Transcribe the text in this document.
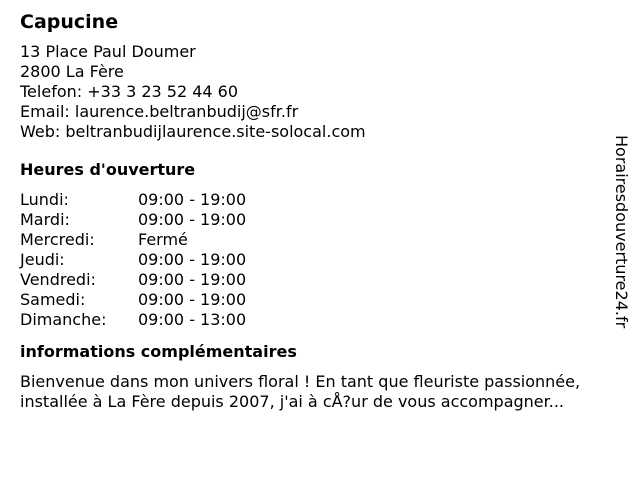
Capucine
13 Place Paul Doumer
2800 La Fère
Telefon: +33 3 23 52 44 60
Email: laurence.beltranbudij@sfr.fr
Web: beltranbudijlaurence.site-solocal.com
Heures d'ouverture
Lundi:	09:00 - 19:00
Mardi:	09:00 - 19:00
Mercredi:	Fermé
Jeudi:	09:00 - 19:00
Vendredi:	09:00 - 19:00
Samedi:	09:00 - 19:00
Dimanche:	09:00 - 13:00
informations complémentaires
Bienvenue dans mon univers floral ! En tant que fleuriste passionnée,
installée à La Fère depuis 2007, j'ai à cÅ?ur de vous accompagner...
Horairesdouverture24.fr
